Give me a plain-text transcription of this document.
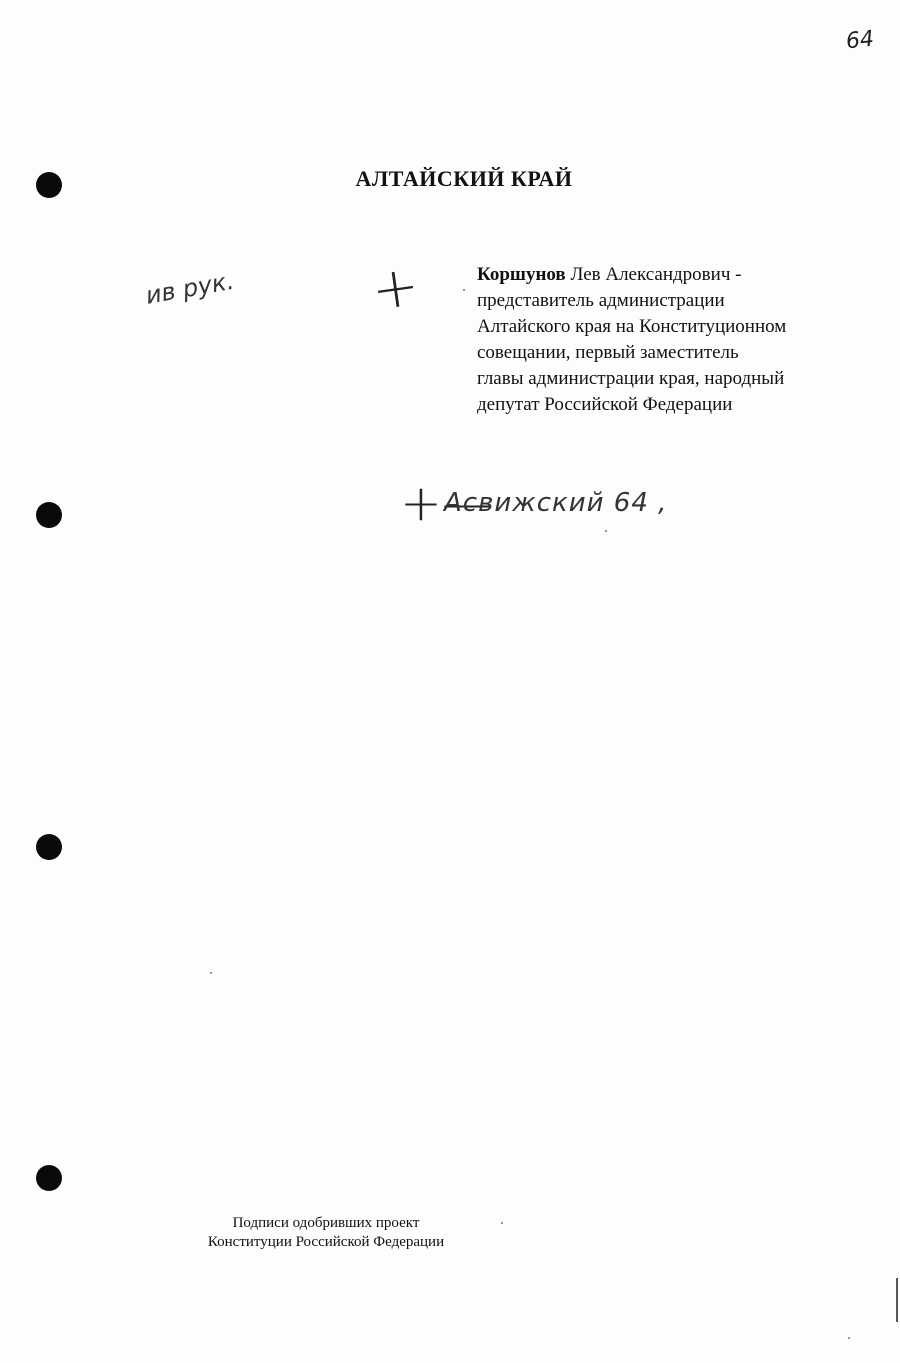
64
АЛТАЙСКИЙ КРАЙ
ив рук. +	Коршунов Лев Александрович - представитель администрации Алтайского края на Конституционном совещании, первый заместитель главы администрации края, народный депутат Российской Федерации
+—
Асвижский 64 ,
Подписи одобривших проект
Конституции Российской Федерации
